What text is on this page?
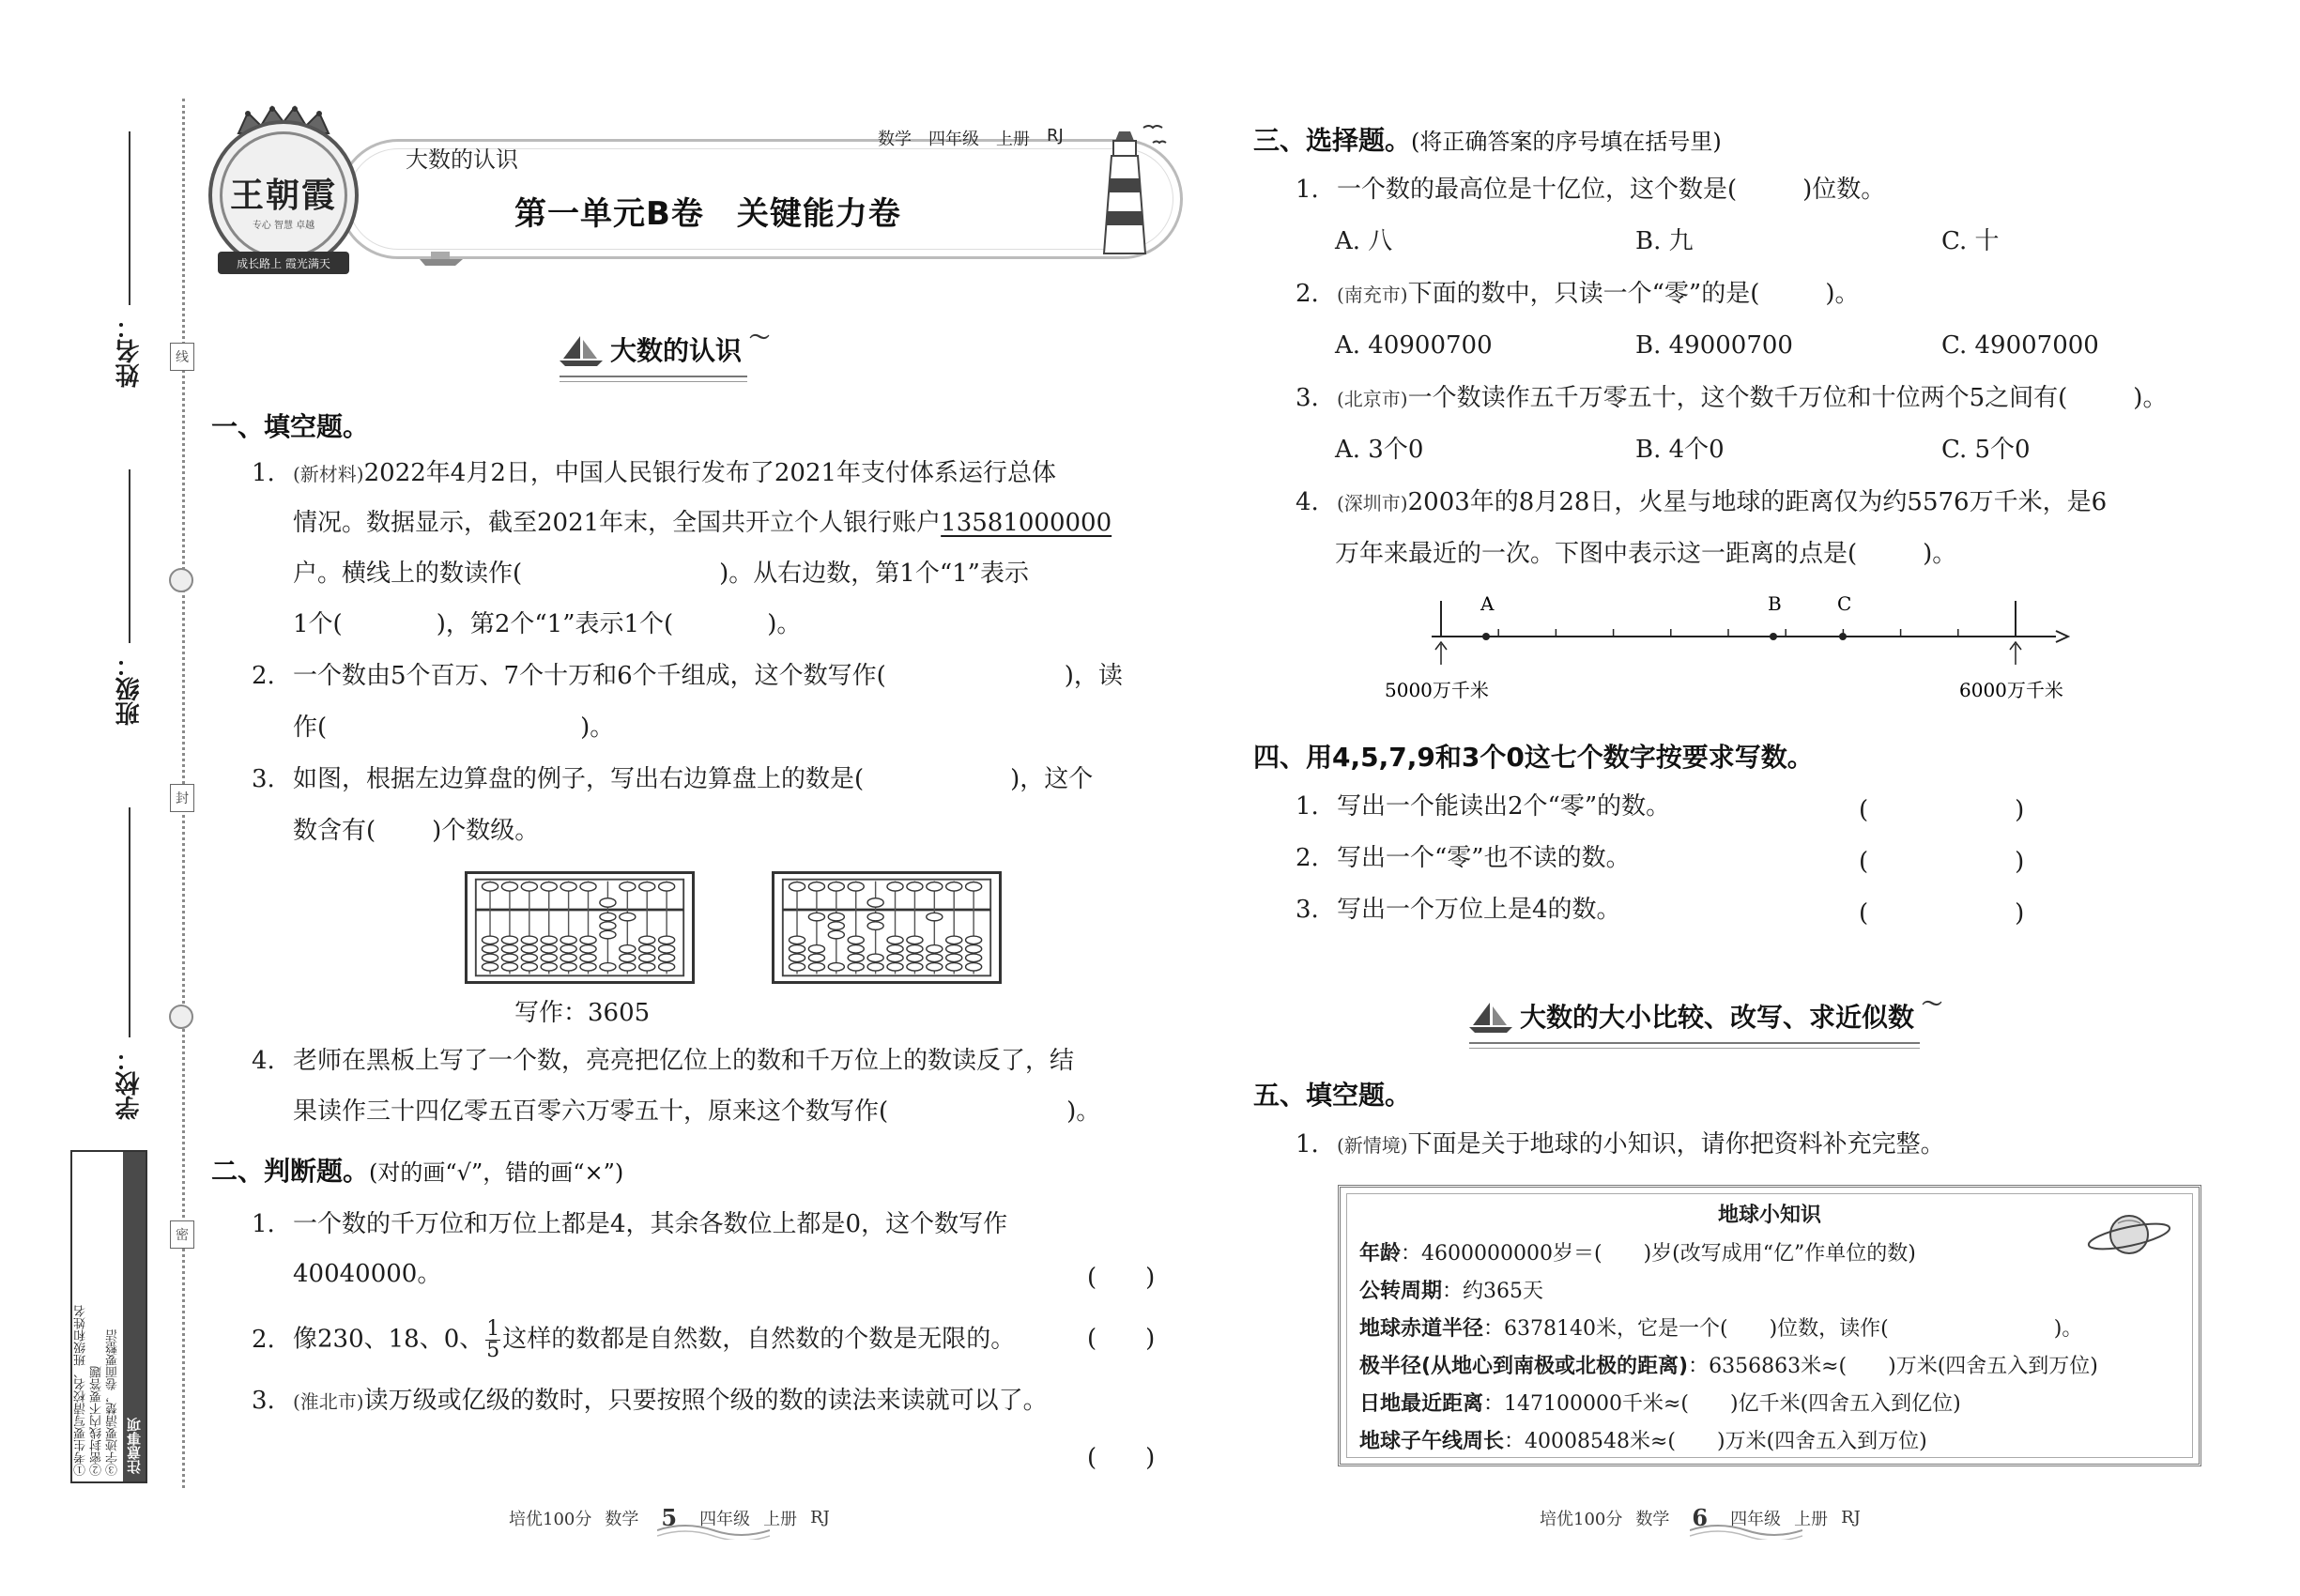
姓名：
班级：
学校：
线
封
密
①考生要写清校名、班级和姓名 ②密封线内不要答题 ③字迹要清楚，卷面要整洁 注意事项
王朝霞
专心 智慧 卓越
成长路上 霞光满天
大数的认识
数学 四年级 上册 RJ
第一单元B卷　关键能力卷
大数的认识 〜
一、填空题。
1. (新材料)2022年4月2日，中国人民银行发布了2021年支付体系运行总体
情况。数据显示，截至2021年末，全国共开立个人银行账户13581000000
户。横线上的数读作(	)。从右边数，第1个“1”表示
1个(	)，第2个“1”表示1个(	)。
2. 一个数由5个百万、7个十万和6个千组成，这个数写作(	)，读
作(	)。
3. 如图，根据左边算盘的例子，写出右边算盘上的数是(	)，这个
数含有( )个数级。
写作：3605
4. 老师在黑板上写了一个数，亮亮把亿位上的数和千万位上的数读反了，结
果读作三十四亿零五百零六万零五十，原来这个数写作(	)。
二、判断题。(对的画“√”，错的画“×”)
1. 一个数的千万位和万位上都是4，其余各数位上都是0，这个数写作
40040000。	(　　)
2. 像230、18、0、 $\frac{1}{5}$ 这样的数都是自然数，自然数的个数是无限的。	(　　)
3. (淮北市)读万级或亿级的数时，只要按照个级的数的读法来读就可以了。
(　　)
培优100分 数学 5 四年级 上册 RJ
三、选择题。(将正确答案的序号填在括号里)
1. 一个数的最高位是十亿位，这个数是(	)位数。
A. 八	B. 九	C. 十
2. (南充市)下面的数中，只读一个“零”的是(	)。
A. 40900700	B. 49000700	C. 49007000
3. (北京市)一个数读作五千万零五十，这个数千万位和十位两个5之间有(	)。
A. 3个0	B. 4个0	C. 5个0
4. (深圳市)2003年的8月28日，火星与地球的距离仅为约5576万千米，是6
万年来最近的一次。下图中表示这一距离的点是(	)。
A	B	C
5000万千米	6000万千米
四、用4,5,7,9和3个0这七个数字按要求写数。
1. 写出一个能读出2个“零”的数。	(　　　　　　)
2. 写出一个“零”也不读的数。	(　　　　　　)
3. 写出一个万位上是4的数。	(　　　　　　)
大数的大小比较、改写、求近似数 〜
五、填空题。
1. (新情境)下面是关于地球的小知识，请你把资料补充完整。
地球小知识
年龄：4600000000岁＝(　　)岁(改写成用“亿”作单位的数)
公转周期：约365天
地球赤道半径：6378140米，它是一个(　　)位数，读作(　　　　　　　　)。
极半径(从地心到南极或北极的距离)：6356863米≈(　　)万米(四舍五入到万位)
日地最近距离：147100000千米≈(　　)亿千米(四舍五入到亿位)
地球子午线周长：40008548米≈(　　)万米(四舍五入到万位)
培优100分 数学 6 四年级 上册 RJ
